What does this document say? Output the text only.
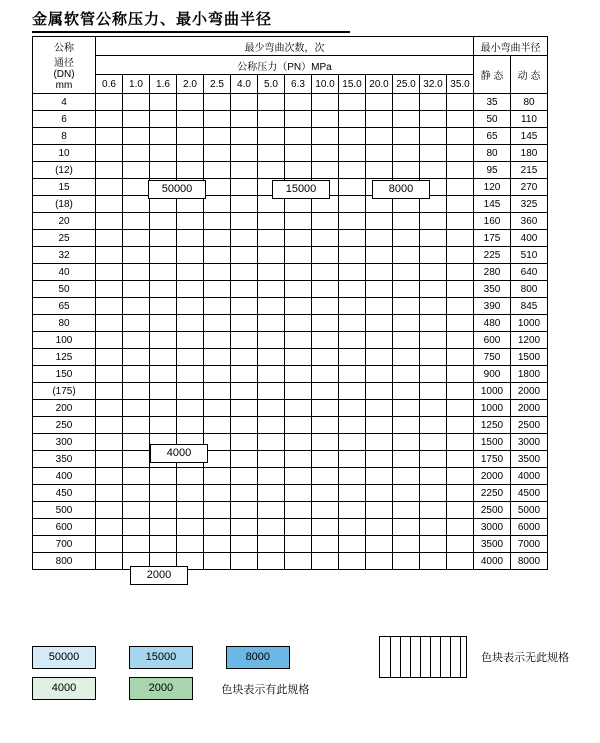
金属软管公称压力、最小弯曲半径
公称
通径
(DN)
mm	最少弯曲次数，次														最小弯曲半径	
	公称压力（PN）MPa														静 态	动 态
	0.6	1.0	1.6	2.0	2.5	4.0	5.0	6.3	10.0	15.0	20.0	25.0	32.0	35.0		
4															35	80
6															50	110
8															65	145
10															80	180
(12)															95	215
15															120	270
(18)															145	325
20															160	360
25															175	400
32															225	510
40															280	640
50															350	800
65															390	845
80															480	1000
100															600	1200
125															750	1500
150															900	1800
(175)															1000	2000
200															1000	2000
250															1250	2500
300															1500	3000
350															1750	3500
400															2000	4000
450															2250	4500
500															2500	5000
600															3000	6000
700															3500	7000
800															4000	8000
50000	15000	8000
4000
2000
50000	15000	8000	色块表示无此规格
4000	2000	色块表示有此规格
